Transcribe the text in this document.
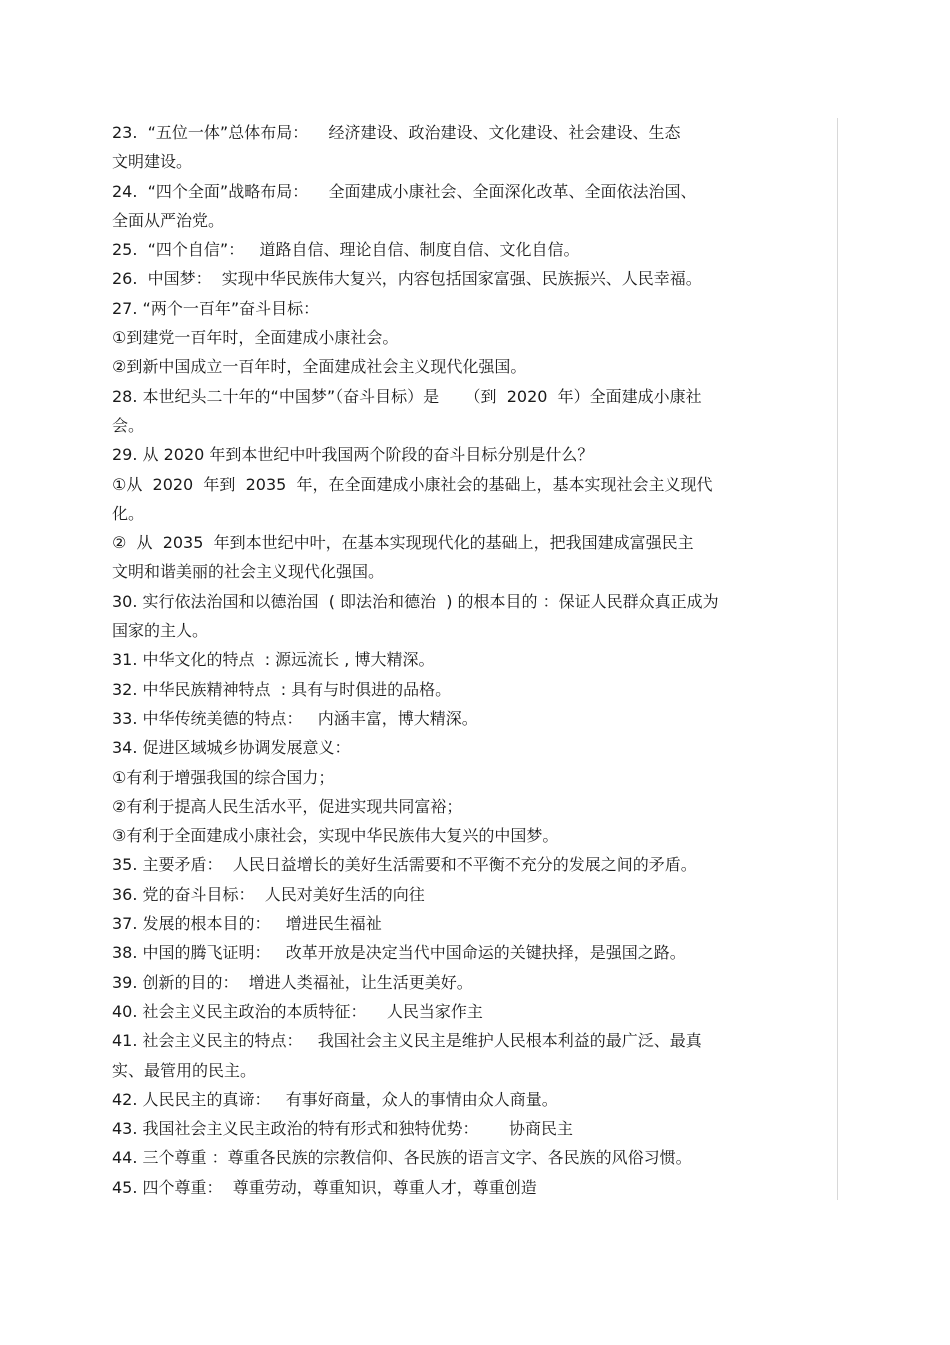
23.  “五位一体”总体布局：    经济建设、政治建设、文化建设、社会建设、生态
文明建设。
24.  “四个全面”战略布局：    全面建成小康社会、全面深化改革、全面依法治国、
全面从严治党。
25.  “四个自信”：   道路自信、理论自信、制度自信、文化自信。
26.  中国梦：  实现中华民族伟大复兴，内容包括国家富强、民族振兴、人民幸福。
27. “两个一百年”奋斗目标：
①到建党一百年时，全面建成小康社会。
②到新中国成立一百年时，全面建成社会主义现代化强国。
28. 本世纪头二十年的“中国梦”（奋斗目标）是     （到  2020  年）全面建成小康社
会。
29. 从 2020 年到本世纪中叶我国两个阶段的奋斗目标分别是什么？
①从  2020  年到  2035  年，在全面建成小康社会的基础上，基本实现社会主义现代
化。
②  从  2035  年到本世纪中叶，在基本实现现代化的基础上，把我国建成富强民主
文明和谐美丽的社会主义现代化强国。
30. 实行依法治国和以德治国  ( 即法治和德治  ) 的根本目的 ：保证人民群众真正成为
国家的主人。
31. 中华文化的特点  : 源远流长 , 博大精深。
32. 中华民族精神特点  : 具有与时俱进的品格。
33. 中华传统美德的特点：   内涵丰富，博大精深。
34. 促进区域城乡协调发展意义：
①有利于增强我国的综合国力；
②有利于提高人民生活水平，促进实现共同富裕；
③有利于全面建成小康社会，实现中华民族伟大复兴的中国梦。
35. 主要矛盾：  人民日益增长的美好生活需要和不平衡不充分的发展之间的矛盾。
36. 党的奋斗目标：  人民对美好生活的向往
37. 发展的根本目的：   增进民生福祉
38. 中国的腾飞证明：   改革开放是决定当代中国命运的关键抉择，是强国之路。
39. 创新的目的：  增进人类福祉，让生活更美好。
40. 社会主义民主政治的本质特征：    人民当家作主
41. 社会主义民主的特点：   我国社会主义民主是维护人民根本利益的最广泛、最真
实、最管用的民主。
42. 人民民主的真谛：   有事好商量，众人的事情由众人商量。
43. 我国社会主义民主政治的特有形式和独特优势：      协商民主
44. 三个尊重 ：尊重各民族的宗教信仰、各民族的语言文字、各民族的风俗习惯。
45. 四个尊重：  尊重劳动，尊重知识，尊重人才，尊重创造
